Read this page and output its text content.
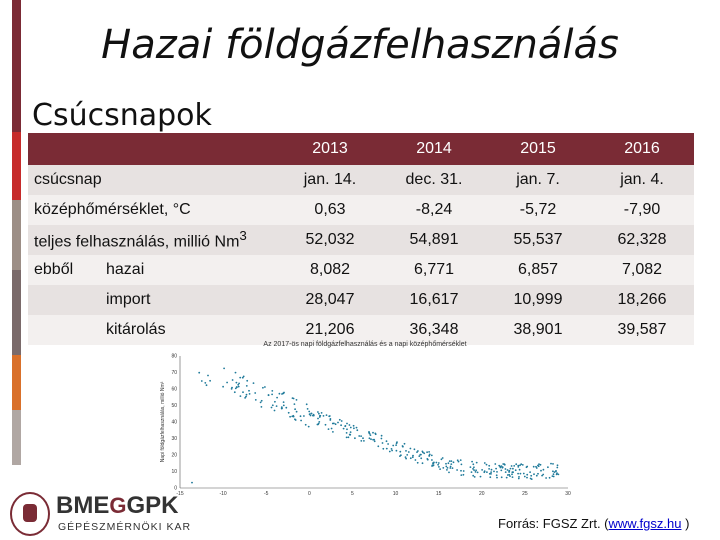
Hazai földgázfelhasználás
Csúcsnapok
	2013	2014	2015	2016
csúcsnap	jan. 14.	dec. 31.	jan. 7.	jan. 4.
középhőmérséklet, °C	0,63	-8,24	-5,72	-7,90
teljes felhasználás, millió Nm$^3$	52,032	54,891	55,537	62,328
ebből hazai	8,082	6,771	6,857	7,082
import	28,047	16,617	10,999	18,266
kitárolás	21,206	36,348	38,901	39,587
Az 2017-ös napi földgázfelhasználás és a napi középhőmérséklet
Napi földgázfelhasználás, millió Nm³
0
10
20
30
40
50
60
70
80
-15	-10	-5	0	5	10	15	20	25	30
BMEGGPK
GÉPÉSZMÉRNÖKI KAR	Forrás: FGSZ Zrt. (www.fgsz.hu )
